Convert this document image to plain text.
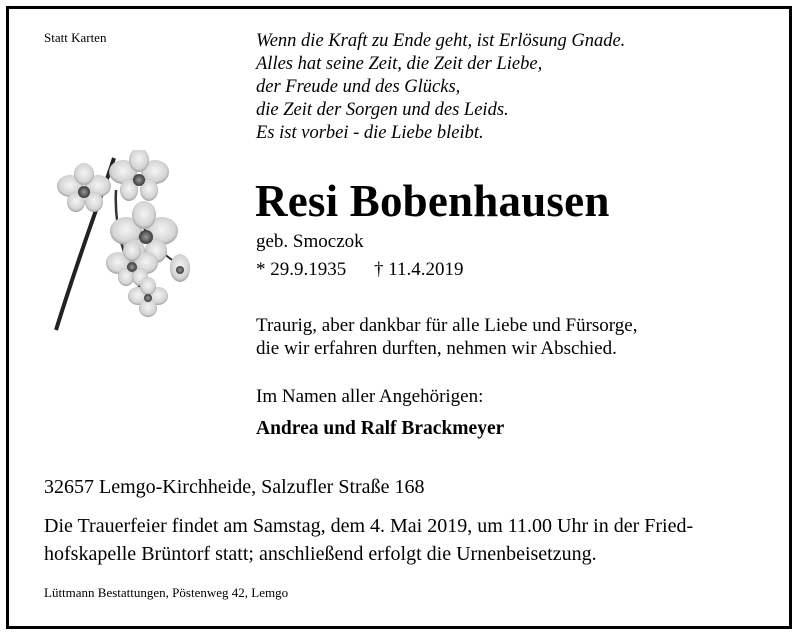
Statt Karten	Wenn die Kraft zu Ende geht, ist Erlösung Gnade.
Alles hat seine Zeit, die Zeit der Liebe,
der Freude und des Glücks,
die Zeit der Sorgen und des Leids.
Es ist vorbei - die Liebe bleibt.
Resi Bobenhausen
geb. Smoczok
* 29.9.1935 † 11.4.2019
Traurig, aber dankbar für alle Liebe und Fürsorge,
die wir erfahren durften, nehmen wir Abschied.
Im Namen aller Angehörigen:
Andrea und Ralf Brackmeyer
32657 Lemgo-Kirchheide, Salzufler Straße 168
Die Trauerfeier findet am Samstag, dem 4. Mai 2019, um 11.00 Uhr in der Fried-
hofskapelle Brüntorf statt; anschließend erfolgt die Urnenbeisetzung.
Lüttmann Bestattungen, Pöstenweg 42, Lemgo
